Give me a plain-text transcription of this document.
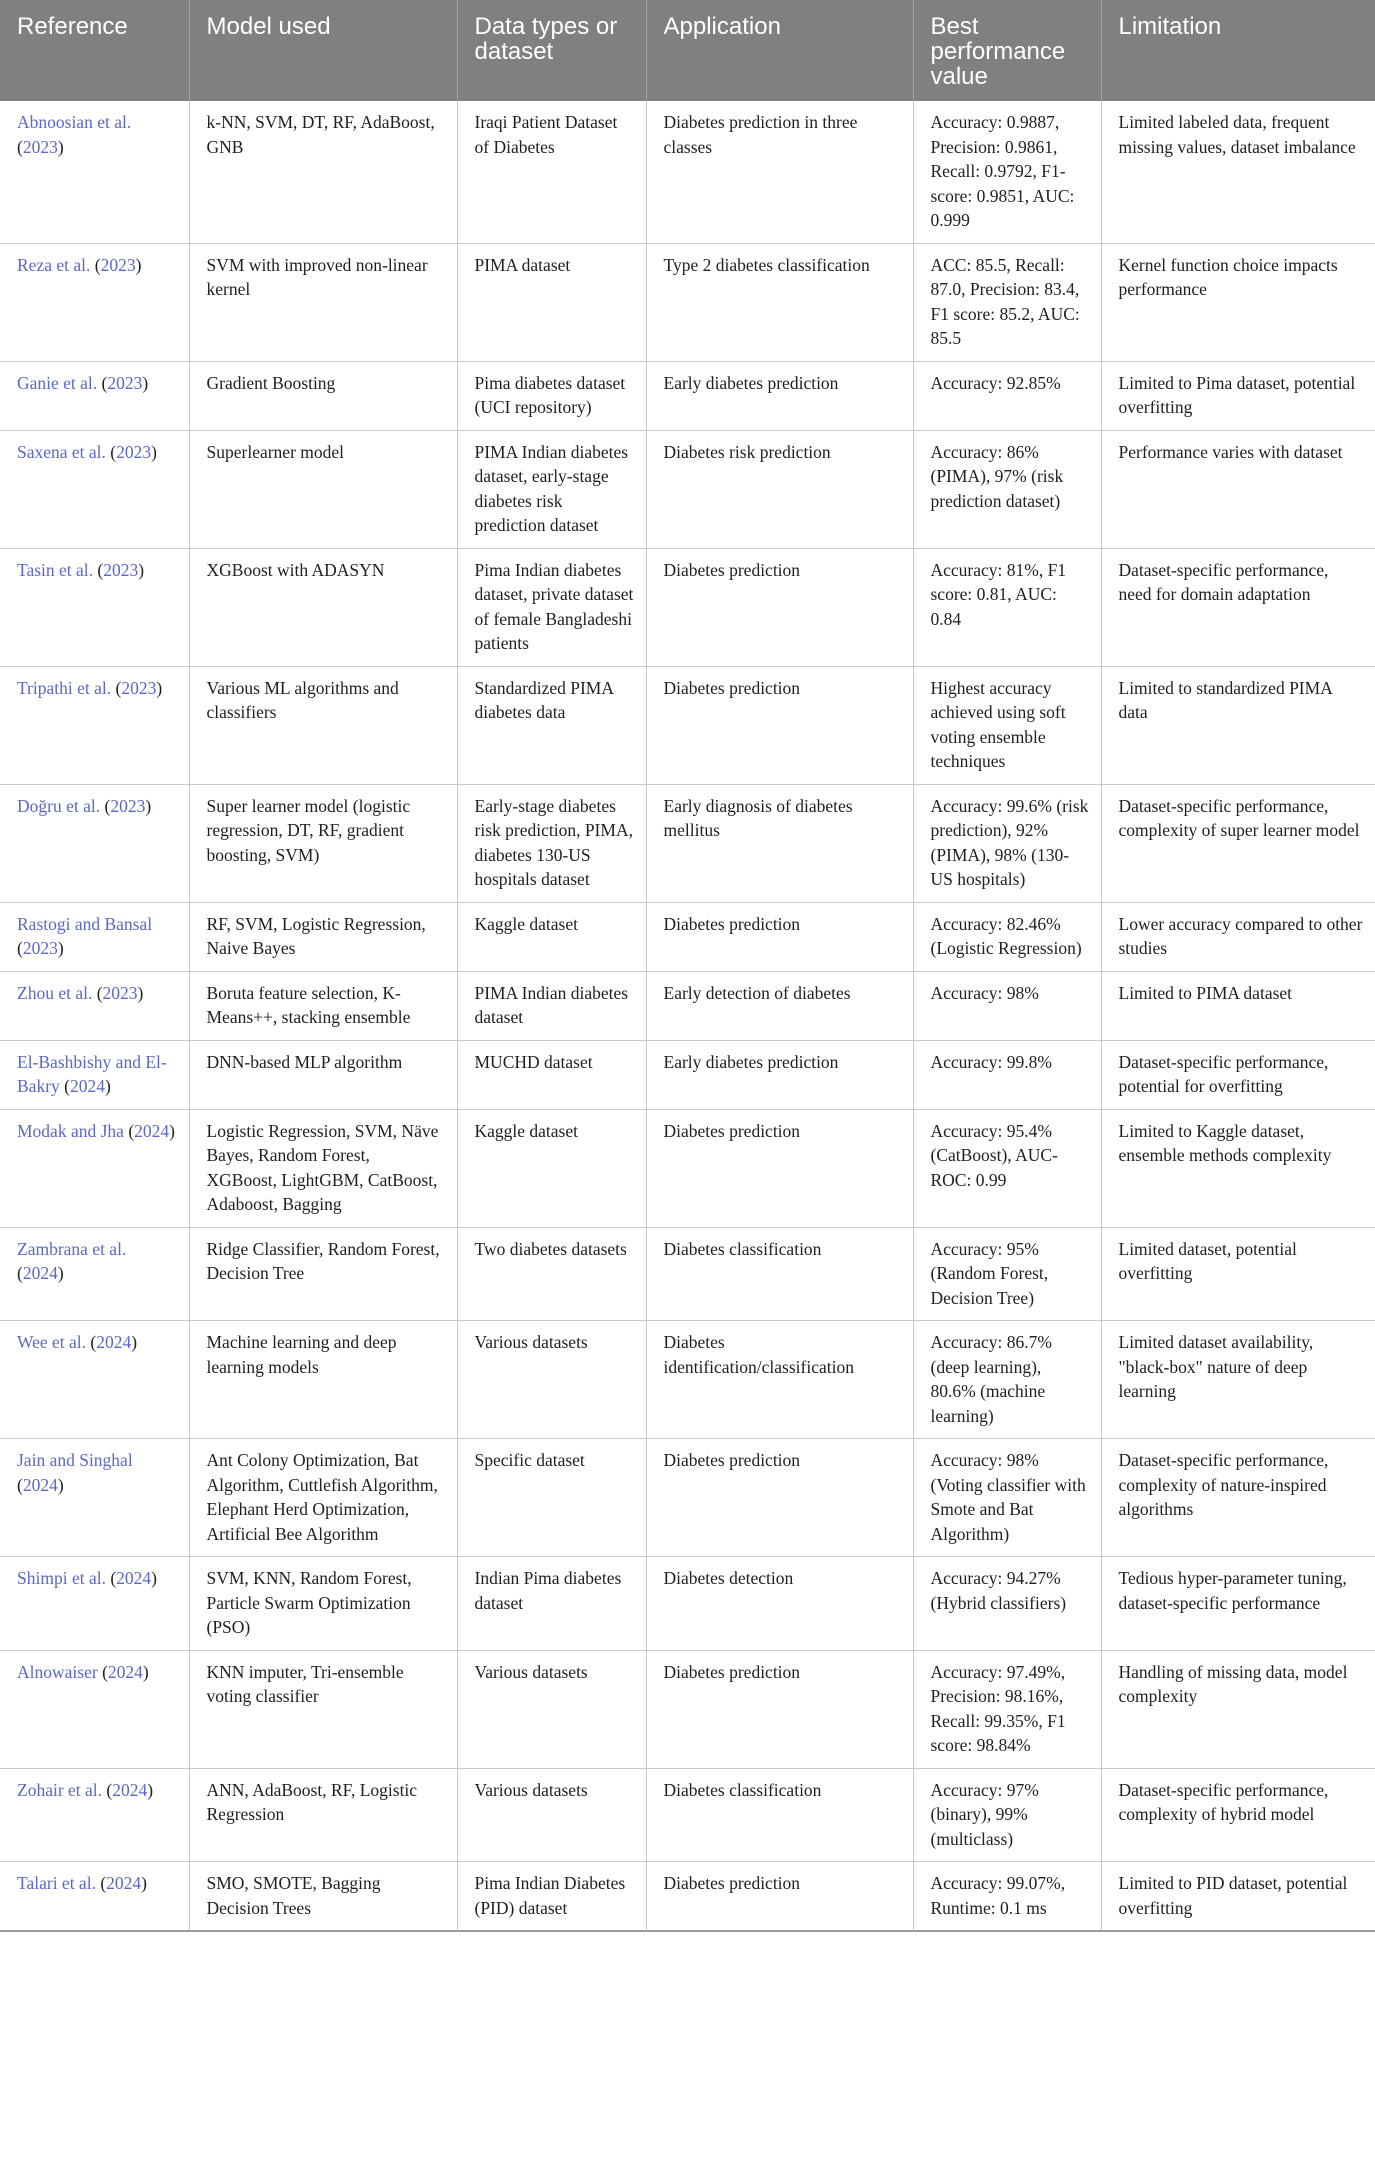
Reference	Model used	Data types or dataset	Application	Best performance value	Limitation
Abnoosian et al. (2023)	k-NN, SVM, DT, RF, AdaBoost, GNB	Iraqi Patient Dataset of Diabetes	Diabetes prediction in three classes	Accuracy: 0.9887, Precision: 0.9861, Recall: 0.9792, F1-score: 0.9851, AUC: 0.999	Limited labeled data, frequent missing values, dataset imbalance
Reza et al. (2023)	SVM with improved non-linear kernel	PIMA dataset	Type 2 diabetes classification	ACC: 85.5, Recall: 87.0, Precision: 83.4, F1 score: 85.2, AUC: 85.5	Kernel function choice impacts performance
Ganie et al. (2023)	Gradient Boosting	Pima diabetes dataset (UCI repository)	Early diabetes prediction	Accuracy: 92.85%	Limited to Pima dataset, potential overfitting
Saxena et al. (2023)	Superlearner model	PIMA Indian diabetes dataset, early-stage diabetes risk prediction dataset	Diabetes risk prediction	Accuracy: 86% (PIMA), 97% (risk prediction dataset)	Performance varies with dataset
Tasin et al. (2023)	XGBoost with ADASYN	Pima Indian diabetes dataset, private dataset of female Bangladeshi patients	Diabetes prediction	Accuracy: 81%, F1 score: 0.81, AUC: 0.84	Dataset-specific performance, need for domain adaptation
Tripathi et al. (2023)	Various ML algorithms and classifiers	Standardized PIMA diabetes data	Diabetes prediction	Highest accuracy achieved using soft voting ensemble techniques	Limited to standardized PIMA data
Doğru et al. (2023)	Super learner model (logistic regression, DT, RF, gradient boosting, SVM)	Early-stage diabetes risk prediction, PIMA, diabetes 130-US hospitals dataset	Early diagnosis of diabetes mellitus	Accuracy: 99.6% (risk prediction), 92% (PIMA), 98% (130-US hospitals)	Dataset-specific performance, complexity of super learner model
Rastogi and Bansal (2023)	RF, SVM, Logistic Regression, Naive Bayes	Kaggle dataset	Diabetes prediction	Accuracy: 82.46% (Logistic Regression)	Lower accuracy compared to other studies
Zhou et al. (2023)	Boruta feature selection, K-Means++, stacking ensemble	PIMA Indian diabetes dataset	Early detection of diabetes	Accuracy: 98%	Limited to PIMA dataset
El-Bashbishy and El-Bakry (2024)	DNN-based MLP algorithm	MUCHD dataset	Early diabetes prediction	Accuracy: 99.8%	Dataset-specific performance, potential for overfitting
Modak and Jha (2024)	Logistic Regression, SVM, Näve Bayes, Random Forest, XGBoost, LightGBM, CatBoost, Adaboost, Bagging	Kaggle dataset	Diabetes prediction	Accuracy: 95.4% (CatBoost), AUC-ROC: 0.99	Limited to Kaggle dataset, ensemble methods complexity
Zambrana et al. (2024)	Ridge Classifier, Random Forest, Decision Tree	Two diabetes datasets	Diabetes classification	Accuracy: 95% (Random Forest, Decision Tree)	Limited dataset, potential overfitting
Wee et al. (2024)	Machine learning and deep learning models	Various datasets	Diabetes identification/classification	Accuracy: 86.7% (deep learning), 80.6% (machine learning)	Limited dataset availability, "black-box" nature of deep learning
Jain and Singhal (2024)	Ant Colony Optimization, Bat Algorithm, Cuttlefish Algorithm, Elephant Herd Optimization, Artificial Bee Algorithm	Specific dataset	Diabetes prediction	Accuracy: 98% (Voting classifier with Smote and Bat Algorithm)	Dataset-specific performance, complexity of nature-inspired algorithms
Shimpi et al. (2024)	SVM, KNN, Random Forest, Particle Swarm Optimization (PSO)	Indian Pima diabetes dataset	Diabetes detection	Accuracy: 94.27% (Hybrid classifiers)	Tedious hyper-parameter tuning, dataset-specific performance
Alnowaiser (2024)	KNN imputer, Tri-ensemble voting classifier	Various datasets	Diabetes prediction	Accuracy: 97.49%, Precision: 98.16%, Recall: 99.35%, F1 score: 98.84%	Handling of missing data, model complexity
Zohair et al. (2024)	ANN, AdaBoost, RF, Logistic Regression	Various datasets	Diabetes classification	Accuracy: 97% (binary), 99% (multiclass)	Dataset-specific performance, complexity of hybrid model
Talari et al. (2024)	SMO, SMOTE, Bagging Decision Trees	Pima Indian Diabetes (PID) dataset	Diabetes prediction	Accuracy: 99.07%, Runtime: 0.1 ms	Limited to PID dataset, potential overfitting
